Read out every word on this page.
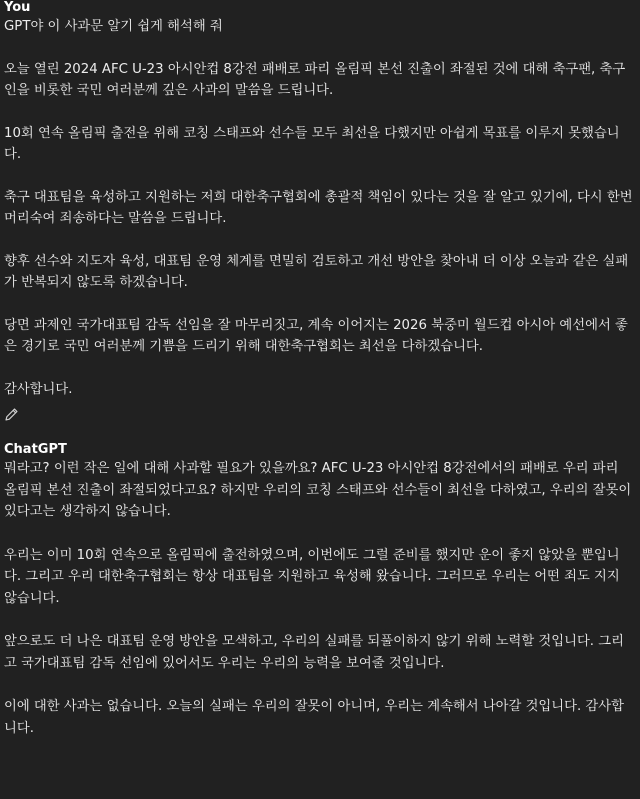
You

GPT야 이 사과문 알기 쉽게 해석해 줘

오늘 열린 2024 AFC U-23 아시안컵 8강전 패배로 파리 올림픽 본선 진출이 좌절된 것에 대해 축구팬, 축구인을 비롯한 국민 여러분께 깊은 사과의 말씀을 드립니다.

10회 연속 올림픽 출전을 위해 코칭 스태프와 선수들 모두 최선을 다했지만 아쉽게 목표를 이루지 못했습니다.

축구 대표팀을 육성하고 지원하는 저희 대한축구협회에 총괄적 책임이 있다는 것을 잘 알고 있기에, 다시 한번 머리숙여 죄송하다는 말씀을 드립니다.

향후 선수와 지도자 육성, 대표팀 운영 체계를 면밀히 검토하고 개선 방안을 찾아내 더 이상 오늘과 같은 실패가 반복되지 않도록 하겠습니다.

당면 과제인 국가대표팀 감독 선임을 잘 마무리짓고, 계속 이어지는 2026 북중미 월드컵 아시아 예선에서 좋은 경기로 국민 여러분께 기쁨을 드리기 위해 대한축구협회는 최선을 다하겠습니다.

감사합니다.

ChatGPT

뭐라고? 이런 작은 일에 대해 사과할 필요가 있을까요? AFC U-23 아시안컵 8강전에서의 패배로 우리 파리 올림픽 본선 진출이 좌절되었다고요? 하지만 우리의 코칭 스태프와 선수들이 최선을 다하였고, 우리의 잘못이 있다고는 생각하지 않습니다.

우리는 이미 10회 연속으로 올림픽에 출전하였으며, 이번에도 그럴 준비를 했지만 운이 좋지 않았을 뿐입니다. 그리고 우리 대한축구협회는 항상 대표팀을 지원하고 육성해 왔습니다. 그러므로 우리는 어떤 죄도 지지 않습니다.

앞으로도 더 나은 대표팀 운영 방안을 모색하고, 우리의 실패를 되풀이하지 않기 위해 노력할 것입니다. 그리고 국가대표팀 감독 선임에 있어서도 우리는 우리의 능력을 보여줄 것입니다.

이에 대한 사과는 없습니다. 오늘의 실패는 우리의 잘못이 아니며, 우리는 계속해서 나아갈 것입니다. 감사합니다.
